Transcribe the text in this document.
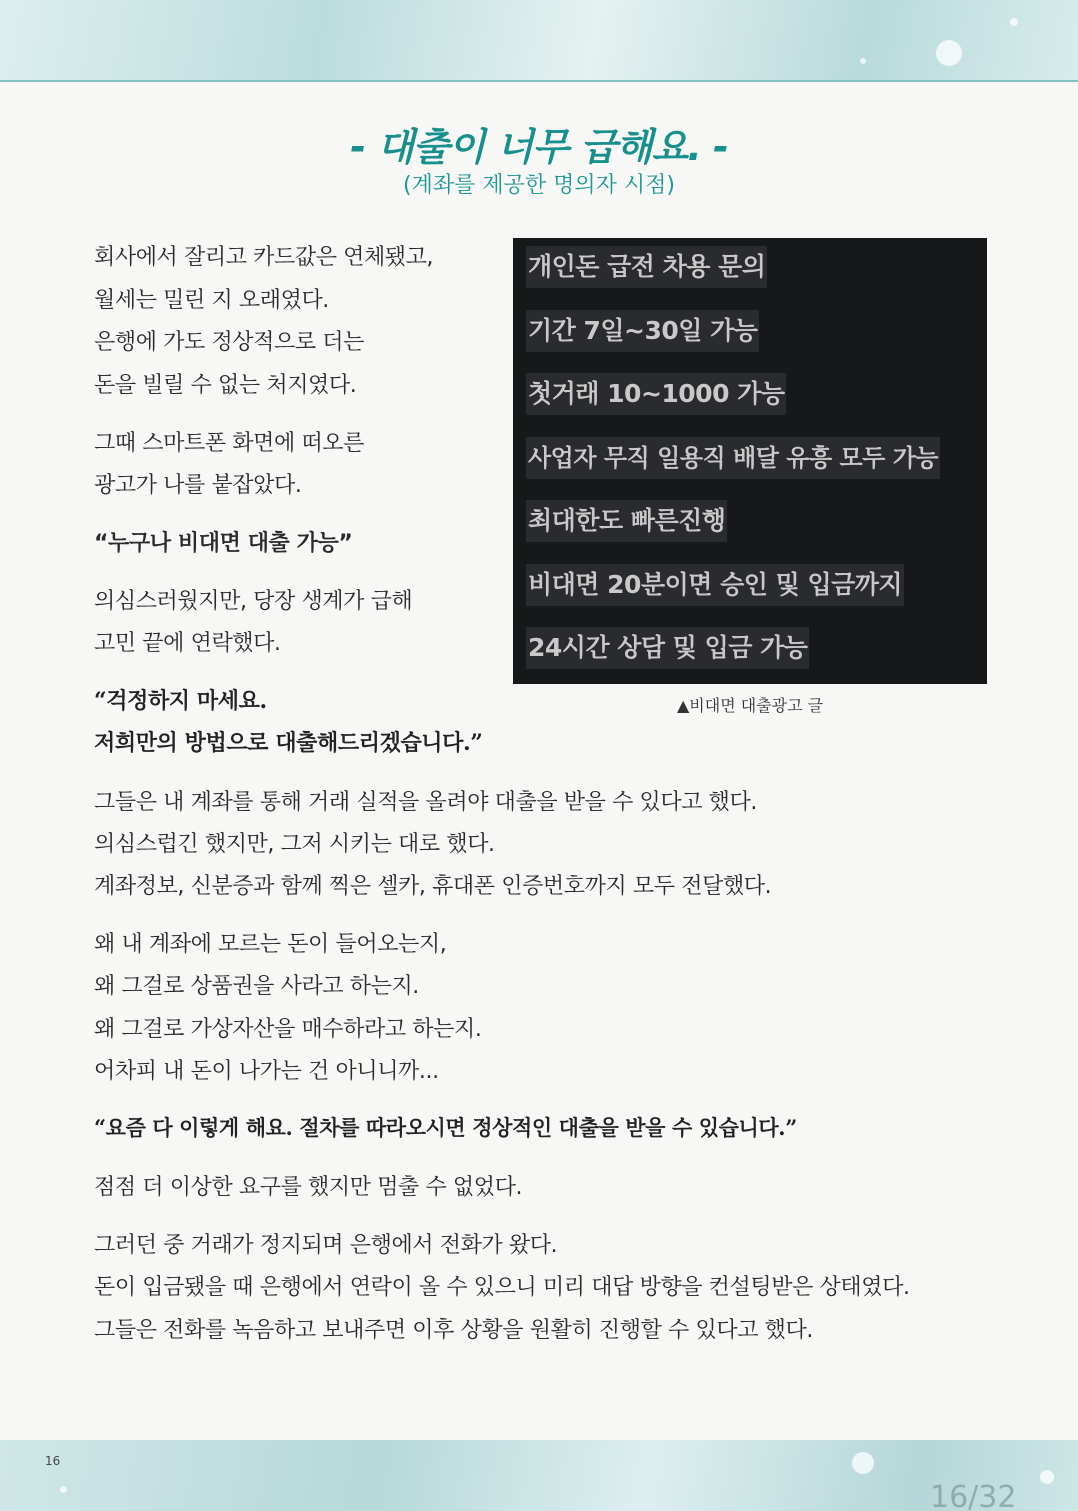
- 대출이 너무 급해요. -
(계좌를 제공한 명의자 시점)
회사에서 잘리고 카드값은 연체됐고,
월세는 밀린 지 오래였다.
은행에 가도 정상적으로 더는
돈을 빌릴 수 없는 처지였다.
그때 스마트폰 화면에 떠오른
광고가 나를 붙잡았다.
“누구나 비대면 대출 가능”
의심스러웠지만, 당장 생계가 급해
고민 끝에 연락했다.
“걱정하지 마세요.
저희만의 방법으로 대출해드리겠습니다.”
그들은 내 계좌를 통해 거래 실적을 올려야 대출을 받을 수 있다고 했다.
의심스럽긴 했지만, 그저 시키는 대로 했다.
계좌정보, 신분증과 함께 찍은 셀카, 휴대폰 인증번호까지 모두 전달했다.
왜 내 계좌에 모르는 돈이 들어오는지,
왜 그걸로 상품권을 사라고 하는지.
왜 그걸로 가상자산을 매수하라고 하는지.
어차피 내 돈이 나가는 건 아니니까...
“요즘 다 이렇게 해요. 절차를 따라오시면 정상적인 대출을 받을 수 있습니다.”
점점 더 이상한 요구를 했지만 멈출 수 없었다.
그러던 중 거래가 정지되며 은행에서 전화가 왔다.
돈이 입금됐을 때 은행에서 연락이 올 수 있으니 미리 대답 방향을 컨설팅받은 상태였다.
그들은 전화를 녹음하고 보내주면 이후 상황을 원활히 진행할 수 있다고 했다.
개인돈 급전 차용 문의
기간 7일~30일 가능
첫거래 10~1000 가능
사업자 무직 일용직 배달 유흥 모두 가능
최대한도 빠른진행
비대면 20분이면 승인 및 입금까지
24시간 상담 및 입금 가능
▲비대면 대출광고 글
16
16/32
